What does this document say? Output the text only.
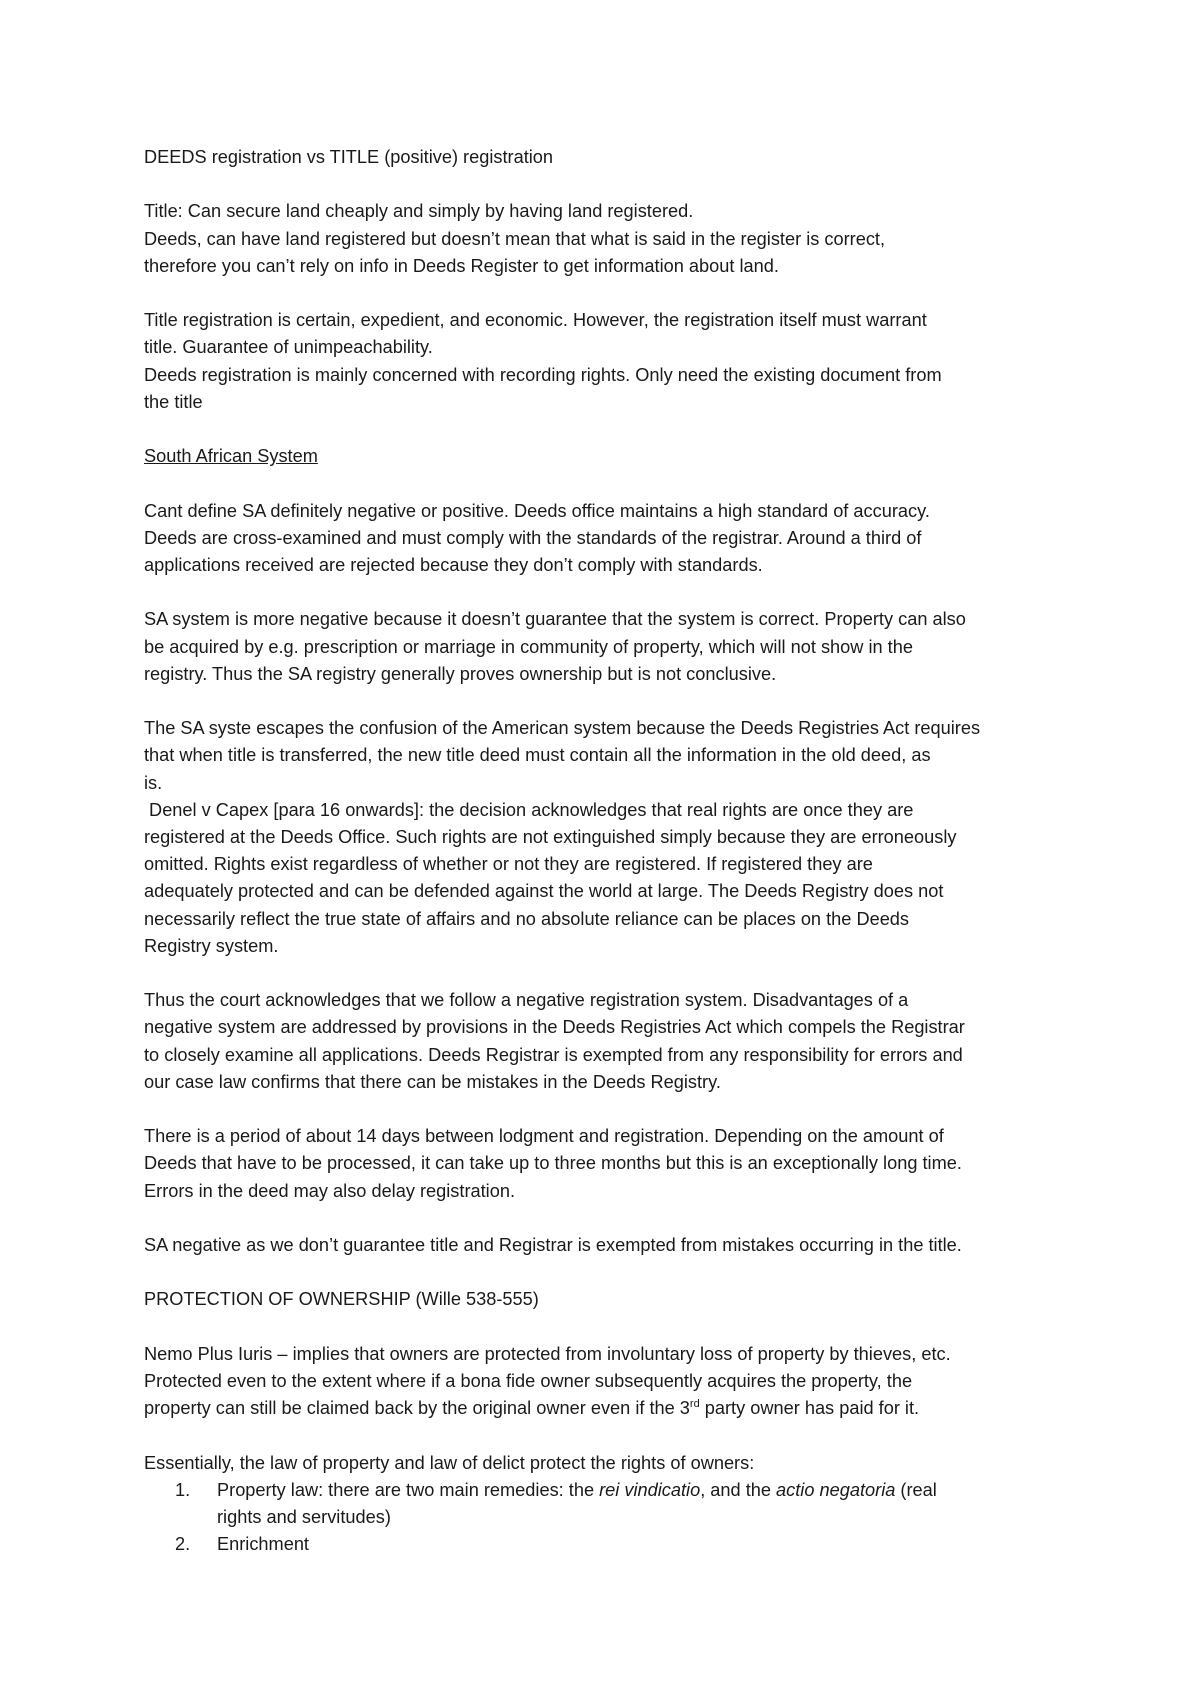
DEEDS registration vs TITLE (positive) registration

Title: Can secure land cheaply and simply by having land registered.

Deeds, can have land registered but doesn’t mean that what is said in the register is correct,

therefore you can’t rely on info in Deeds Register to get information about land.

Title registration is certain, expedient, and economic. However, the registration itself must warrant

title. Guarantee of unimpeachability.

Deeds registration is mainly concerned with recording rights. Only need the existing document from

the title

South African System

Cant define SA definitely negative or positive. Deeds office maintains a high standard of accuracy.

Deeds are cross-examined and must comply with the standards of the registrar. Around a third of

applications received are rejected because they don’t comply with standards.

SA system is more negative because it doesn’t guarantee that the system is correct. Property can also

be acquired by e.g. prescription or marriage in community of property, which will not show in the

registry. Thus the SA registry generally proves ownership but is not conclusive.

The SA syste escapes the confusion of the American system because the Deeds Registries Act requires

that when title is transferred, the new title deed must contain all the information in the old deed, as

is.

Denel v Capex [para 16 onwards]: the decision acknowledges that real rights are once they are

registered at the Deeds Office. Such rights are not extinguished simply because they are erroneously

omitted. Rights exist regardless of whether or not they are registered. If registered they are

adequately protected and can be defended against the world at large. The Deeds Registry does not

necessarily reflect the true state of affairs and no absolute reliance can be places on the Deeds

Registry system.

Thus the court acknowledges that we follow a negative registration system. Disadvantages of a

negative system are addressed by provisions in the Deeds Registries Act which compels the Registrar

to closely examine all applications. Deeds Registrar is exempted from any responsibility for errors and

our case law confirms that there can be mistakes in the Deeds Registry.

There is a period of about 14 days between lodgment and registration. Depending on the amount of

Deeds that have to be processed, it can take up to three months but this is an exceptionally long time.

Errors in the deed may also delay registration.

SA negative as we don’t guarantee title and Registrar is exempted from mistakes occurring in the title.

PROTECTION OF OWNERSHIP (Wille 538-555)

Nemo Plus Iuris – implies that owners are protected from involuntary loss of property by thieves, etc.

Protected even to the extent where if a bona fide owner subsequently acquires the property, the

property can still be claimed back by the original owner even if the 3rd party owner has paid for it.

Essentially, the law of property and law of delict protect the rights of owners:

1. Property law: there are two main remedies: the rei vindicatio, and the actio negatoria (real
rights and servitudes)
2. Enrichment
